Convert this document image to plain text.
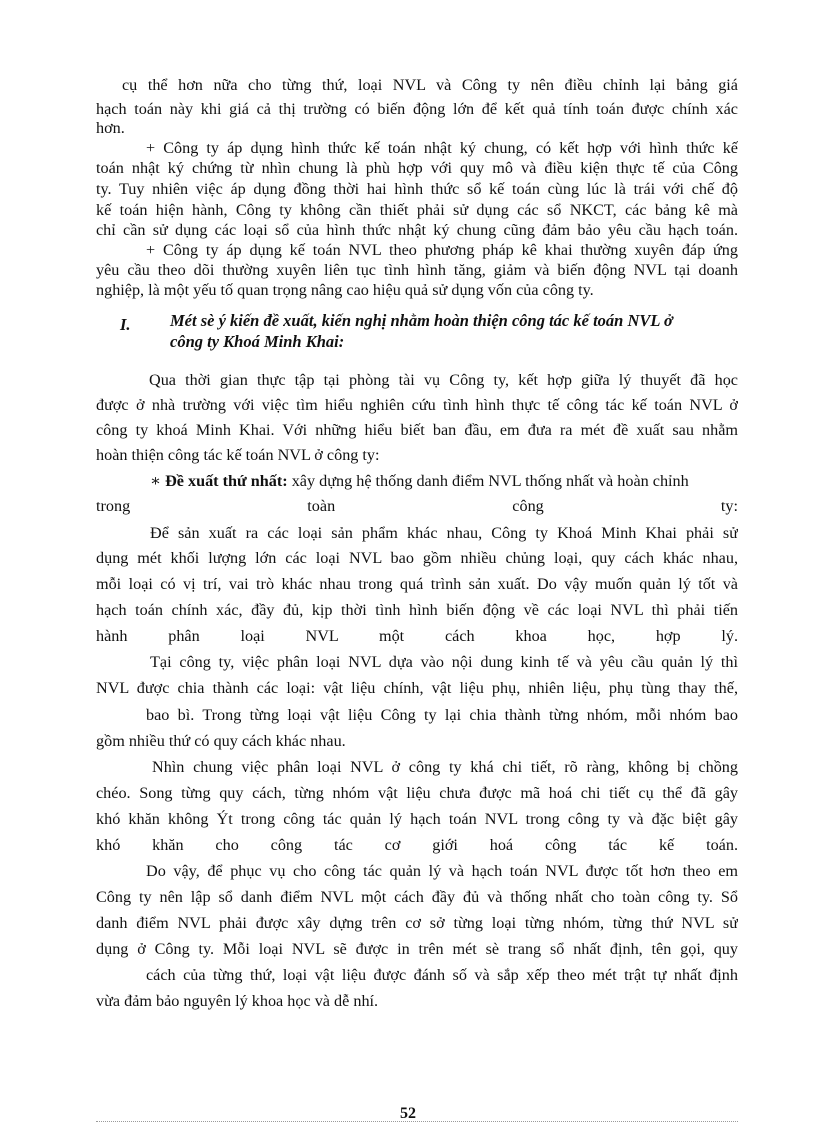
cụ thể hơn nữa cho từng thứ, loại NVL và Công ty nên điều chỉnh lại bảng giá
hạch toán này khi giá cả thị trường có biến động lớn để kết quả tính toán được chính xác
hơn.
+ Công ty áp dụng hình thức kế toán nhật ký chung, có kết hợp với hình thức kế
toán nhật ký chứng từ nhìn chung là phù hợp với quy mô và điều kiện thực tế của Công
ty. Tuy nhiên việc áp dụng đồng thời hai hình thức sổ kế toán cùng lúc là trái với chế độ
kế toán hiện hành, Công ty không cần thiết phải sử dụng các sổ NKCT, các bảng kê mà
chỉ cần sử dụng các loại sổ của hình thức nhật ký chung cũng đảm bảo yêu cầu hạch toán.
+ Công ty áp dụng kế toán NVL theo phương pháp kê khai thường xuyên đáp ứng
yêu cầu theo dõi thường xuyên liên tục tình hình tăng, giảm và biến động NVL tại doanh
nghiệp, là một yếu tố quan trọng nâng cao hiệu quả sử dụng vốn của công ty.
I. Mét sè ý kiến đề xuất, kiến nghị nhằm hoàn thiện công tác kế toán NVL ở
công ty Khoá Minh Khai:
Qua thời gian thực tập tại phòng tài vụ Công ty, kết hợp giữa lý thuyết đã học
được ở nhà trường với việc tìm hiểu nghiên cứu tình hình thực tế công tác kế toán NVL ở
công ty khoá Minh Khai. Với những hiểu biết ban đầu, em đưa ra mét đề xuất sau nhằm
hoàn thiện công tác kế toán NVL ở công ty:
∗ Đề xuất thứ nhất: xây dựng hệ thống danh điểm NVL thống nhất và hoàn chỉnh
trong toàn công ty:
Để sản xuất ra các loại sản phẩm khác nhau, Công ty Khoá Minh Khai phải sử
dụng mét khối lượng lớn các loại NVL bao gồm nhiều chủng loại, quy cách khác nhau,
mỗi loại có vị trí, vai trò khác nhau trong quá trình sản xuất. Do vậy muốn quản lý tốt và
hạch toán chính xác, đầy đủ, kịp thời tình hình biến động về các loại NVL thì phải tiến
hành phân loại NVL một cách khoa học, hợp lý.
Tại công ty, việc phân loại NVL dựa vào nội dung kinh tế và yêu cầu quản lý thì
NVL được chia thành các loại: vật liệu chính, vật liệu phụ, nhiên liệu, phụ tùng thay thế,
bao bì. Trong từng loại vật liệu Công ty lại chia thành từng nhóm, mỗi nhóm bao
gồm nhiều thứ có quy cách khác nhau.
Nhìn chung việc phân loại NVL ở công ty khá chi tiết, rõ ràng, không bị chồng
chéo. Song từng quy cách, từng nhóm vật liệu chưa được mã hoá chi tiết cụ thể đã gây
khó khăn không Ýt trong công tác quản lý hạch toán NVL trong công ty và đặc biệt gây
khó khăn cho công tác cơ giới hoá công tác kế toán.
Do vậy, để phục vụ cho công tác quản lý và hạch toán NVL được tốt hơn theo em
Công ty nên lập sổ danh điểm NVL một cách đầy đủ và thống nhất cho toàn công ty. Sổ
danh điểm NVL phải được xây dựng trên cơ sở từng loại từng nhóm, từng thứ NVL sử
dụng ở Công ty. Mỗi loại NVL sẽ được in trên mét sè trang sổ nhất định, tên gọi, quy
cách của từng thứ, loại vật liệu được đánh số và sắp xếp theo mét trật tự nhất định
vừa đảm bảo nguyên lý khoa học và dễ nhí.
52
